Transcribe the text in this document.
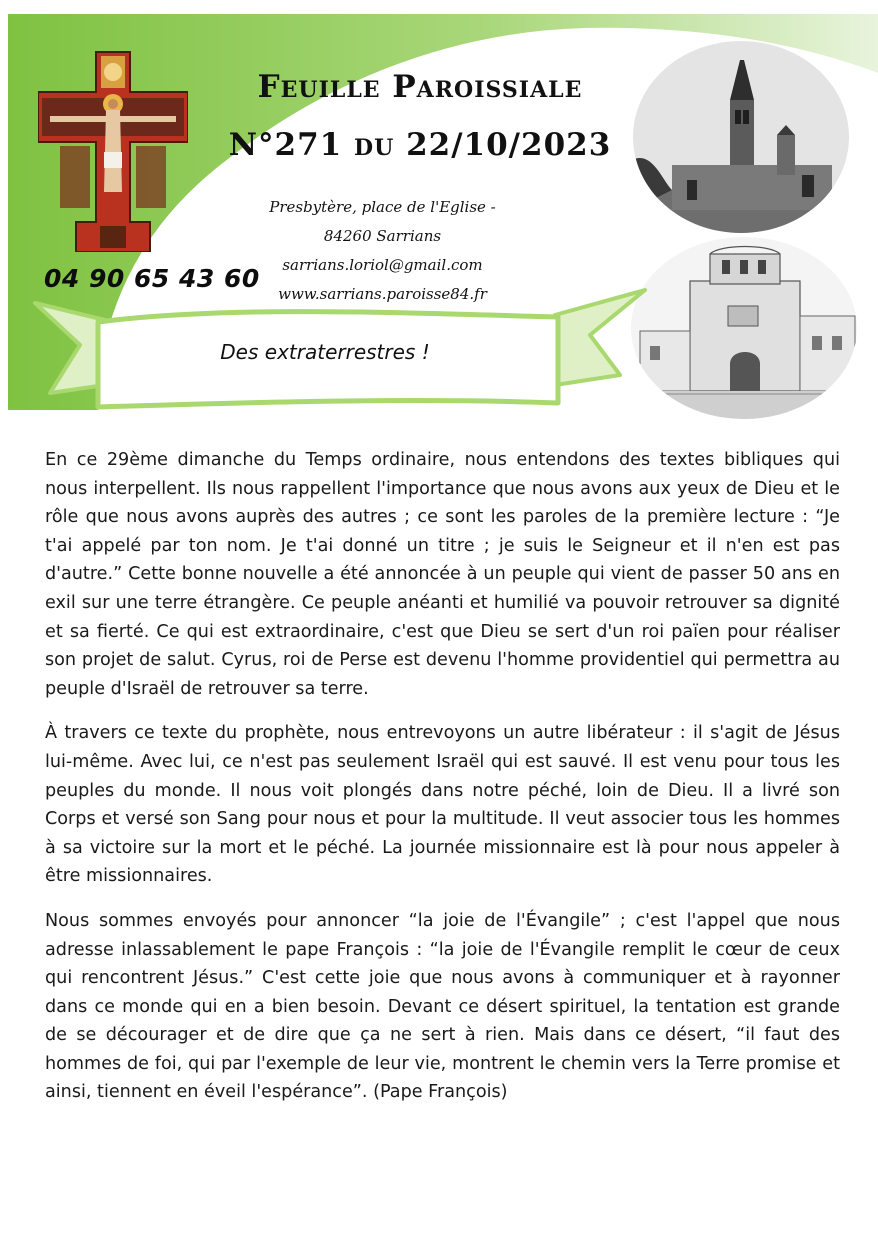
Feuille Paroissiale
N°271 du 22/10/2023
Presbytère, place de l'Eglise -
84260 Sarrians
sarrians.loriol@gmail.com
www.sarrians.paroisse84.fr
04 90 65 43 60
Des extraterrestres !

En ce 29ème dimanche du Temps ordinaire, nous entendons des textes bibliques qui nous interpellent. Ils nous rappellent l'importance que nous avons aux yeux de Dieu et le rôle que nous avons auprès des autres ; ce sont les paroles de la première lecture : “Je t'ai appelé par ton nom. Je t'ai donné un titre ; je suis le Seigneur et il n'en est pas d'autre.” Cette bonne nouvelle a été annoncée à un peuple qui vient de passer 50 ans en exil sur une terre étrangère. Ce peuple anéanti et humilié va pouvoir retrouver sa dignité et sa fierté. Ce qui est extraordinaire, c'est que Dieu se sert d'un roi païen pour réaliser son projet de salut. Cyrus, roi de Perse est devenu l'homme providentiel qui permettra au peuple d'Israël de retrouver sa terre.

À travers ce texte du prophète, nous entrevoyons un autre libérateur : il s'agit de Jésus lui-même. Avec lui, ce n'est pas seulement Israël qui est sauvé. Il est venu pour tous les peuples du monde. Il nous voit plongés dans notre péché, loin de Dieu. Il a livré son Corps et versé son Sang pour nous et pour la multitude. Il veut associer tous les hommes à sa victoire sur la mort et le péché. La journée missionnaire est là pour nous appeler à être missionnaires.

Nous sommes envoyés pour annoncer “la joie de l'Évangile” ; c'est l'appel que nous adresse inlassablement le pape François : “la joie de l'Évangile remplit le cœur de ceux qui rencontrent Jésus.” C'est cette joie que nous avons à communiquer et à rayonner dans ce monde qui en a bien besoin. Devant ce désert spirituel, la tentation est grande de se décourager et de dire que ça ne sert à rien. Mais dans ce désert, “il faut des hommes de foi, qui par l'exemple de leur vie, montrent le chemin vers la Terre promise et ainsi, tiennent en éveil l'espérance”. (Pape François)
